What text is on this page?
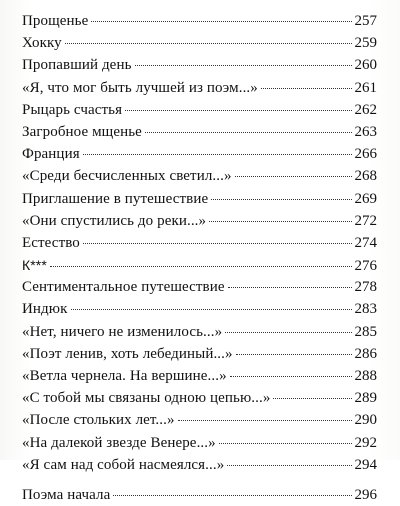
Прощенье	257
Хокку	259
Пропавший день	260
«Я, что мог быть лучшей из поэм...»	261
Рыцарь счастья	262
Загробное мщенье	263
Франция	266
«Среди бесчисленных светил...»	268
Приглашение в путешествие	269
«Они спустились до реки...»	272
Естество	274
К***	276
Сентиментальное путешествие	278
Индюк	283
«Нет, ничего не изменилось...»	285
«Поэт ленив, хоть лебединый...»	286
«Ветла чернела. На вершине...»	288
«С тобой мы связаны одною цепью...»	289
«После стольких лет...»	290
«На далекой звезде Венере...»	292
«Я сам над собой насмеялся...»	294
Поэма начала	296
